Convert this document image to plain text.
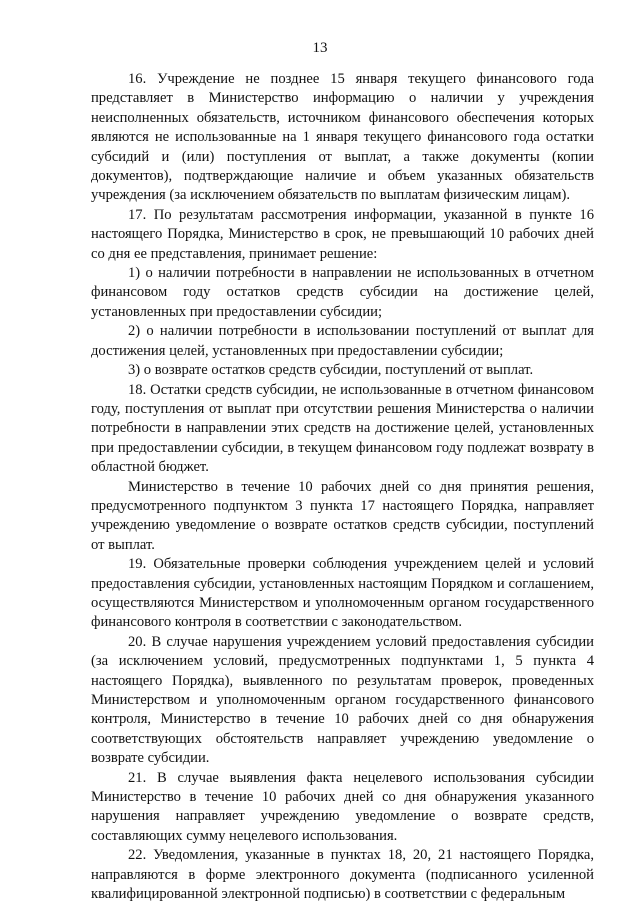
13

16. Учреждение не позднее 15 января текущего финансового года представляет в Министерство информацию о наличии у учреждения неисполненных обязательств, источником финансового обеспечения которых являются не использованные на 1 января текущего финансового года остатки субсидий и (или) поступления от выплат, а также документы (копии документов), подтверждающие наличие и объем указанных обязательств учреждения (за исключением обязательств по выплатам физическим лицам).

17. По результатам рассмотрения информации, указанной в пункте 16 настоящего Порядка, Министерство в срок, не превышающий 10 рабочих дней со дня ее представления, принимает решение:

1) о наличии потребности в направлении не использованных в отчетном финансовом году остатков средств субсидии на достижение целей, установленных при предоставлении субсидии;

2) о наличии потребности в использовании поступлений от выплат для достижения целей, установленных при предоставлении субсидии;

3) о возврате остатков средств субсидии, поступлений от выплат.

18. Остатки средств субсидии, не использованные в отчетном финансовом году, поступления от выплат при отсутствии решения Министерства о наличии потребности в направлении этих средств на достижение целей, установленных при предоставлении субсидии, в текущем финансовом году подлежат возврату в областной бюджет.

Министерство в течение 10 рабочих дней со дня принятия решения, предусмотренного подпунктом 3 пункта 17 настоящего Порядка, направляет учреждению уведомление о возврате остатков средств субсидии, поступлений от выплат.

19. Обязательные проверки соблюдения учреждением целей и условий предоставления субсидии, установленных настоящим Порядком и соглашением, осуществляются Министерством и уполномоченным органом государственного финансового контроля в соответствии с законодательством.

20. В случае нарушения учреждением условий предоставления субсидии (за исключением условий, предусмотренных подпунктами 1, 5 пункта 4 настоящего Порядка), выявленного по результатам проверок, проведенных Министерством и уполномоченным органом государственного финансового контроля, Министерство в течение 10 рабочих дней со дня обнаружения соответствующих обстоятельств направляет учреждению уведомление о возврате субсидии.

21. В случае выявления факта нецелевого использования субсидии Министерство в течение 10 рабочих дней со дня обнаружения указанного нарушения направляет учреждению уведомление о возврате средств, составляющих сумму нецелевого использования.

22. Уведомления, указанные в пунктах 18, 20, 21 настоящего Порядка, направляются в форме электронного документа (подписанного усиленной квалифицированной электронной подписью) в соответствии с федеральным
